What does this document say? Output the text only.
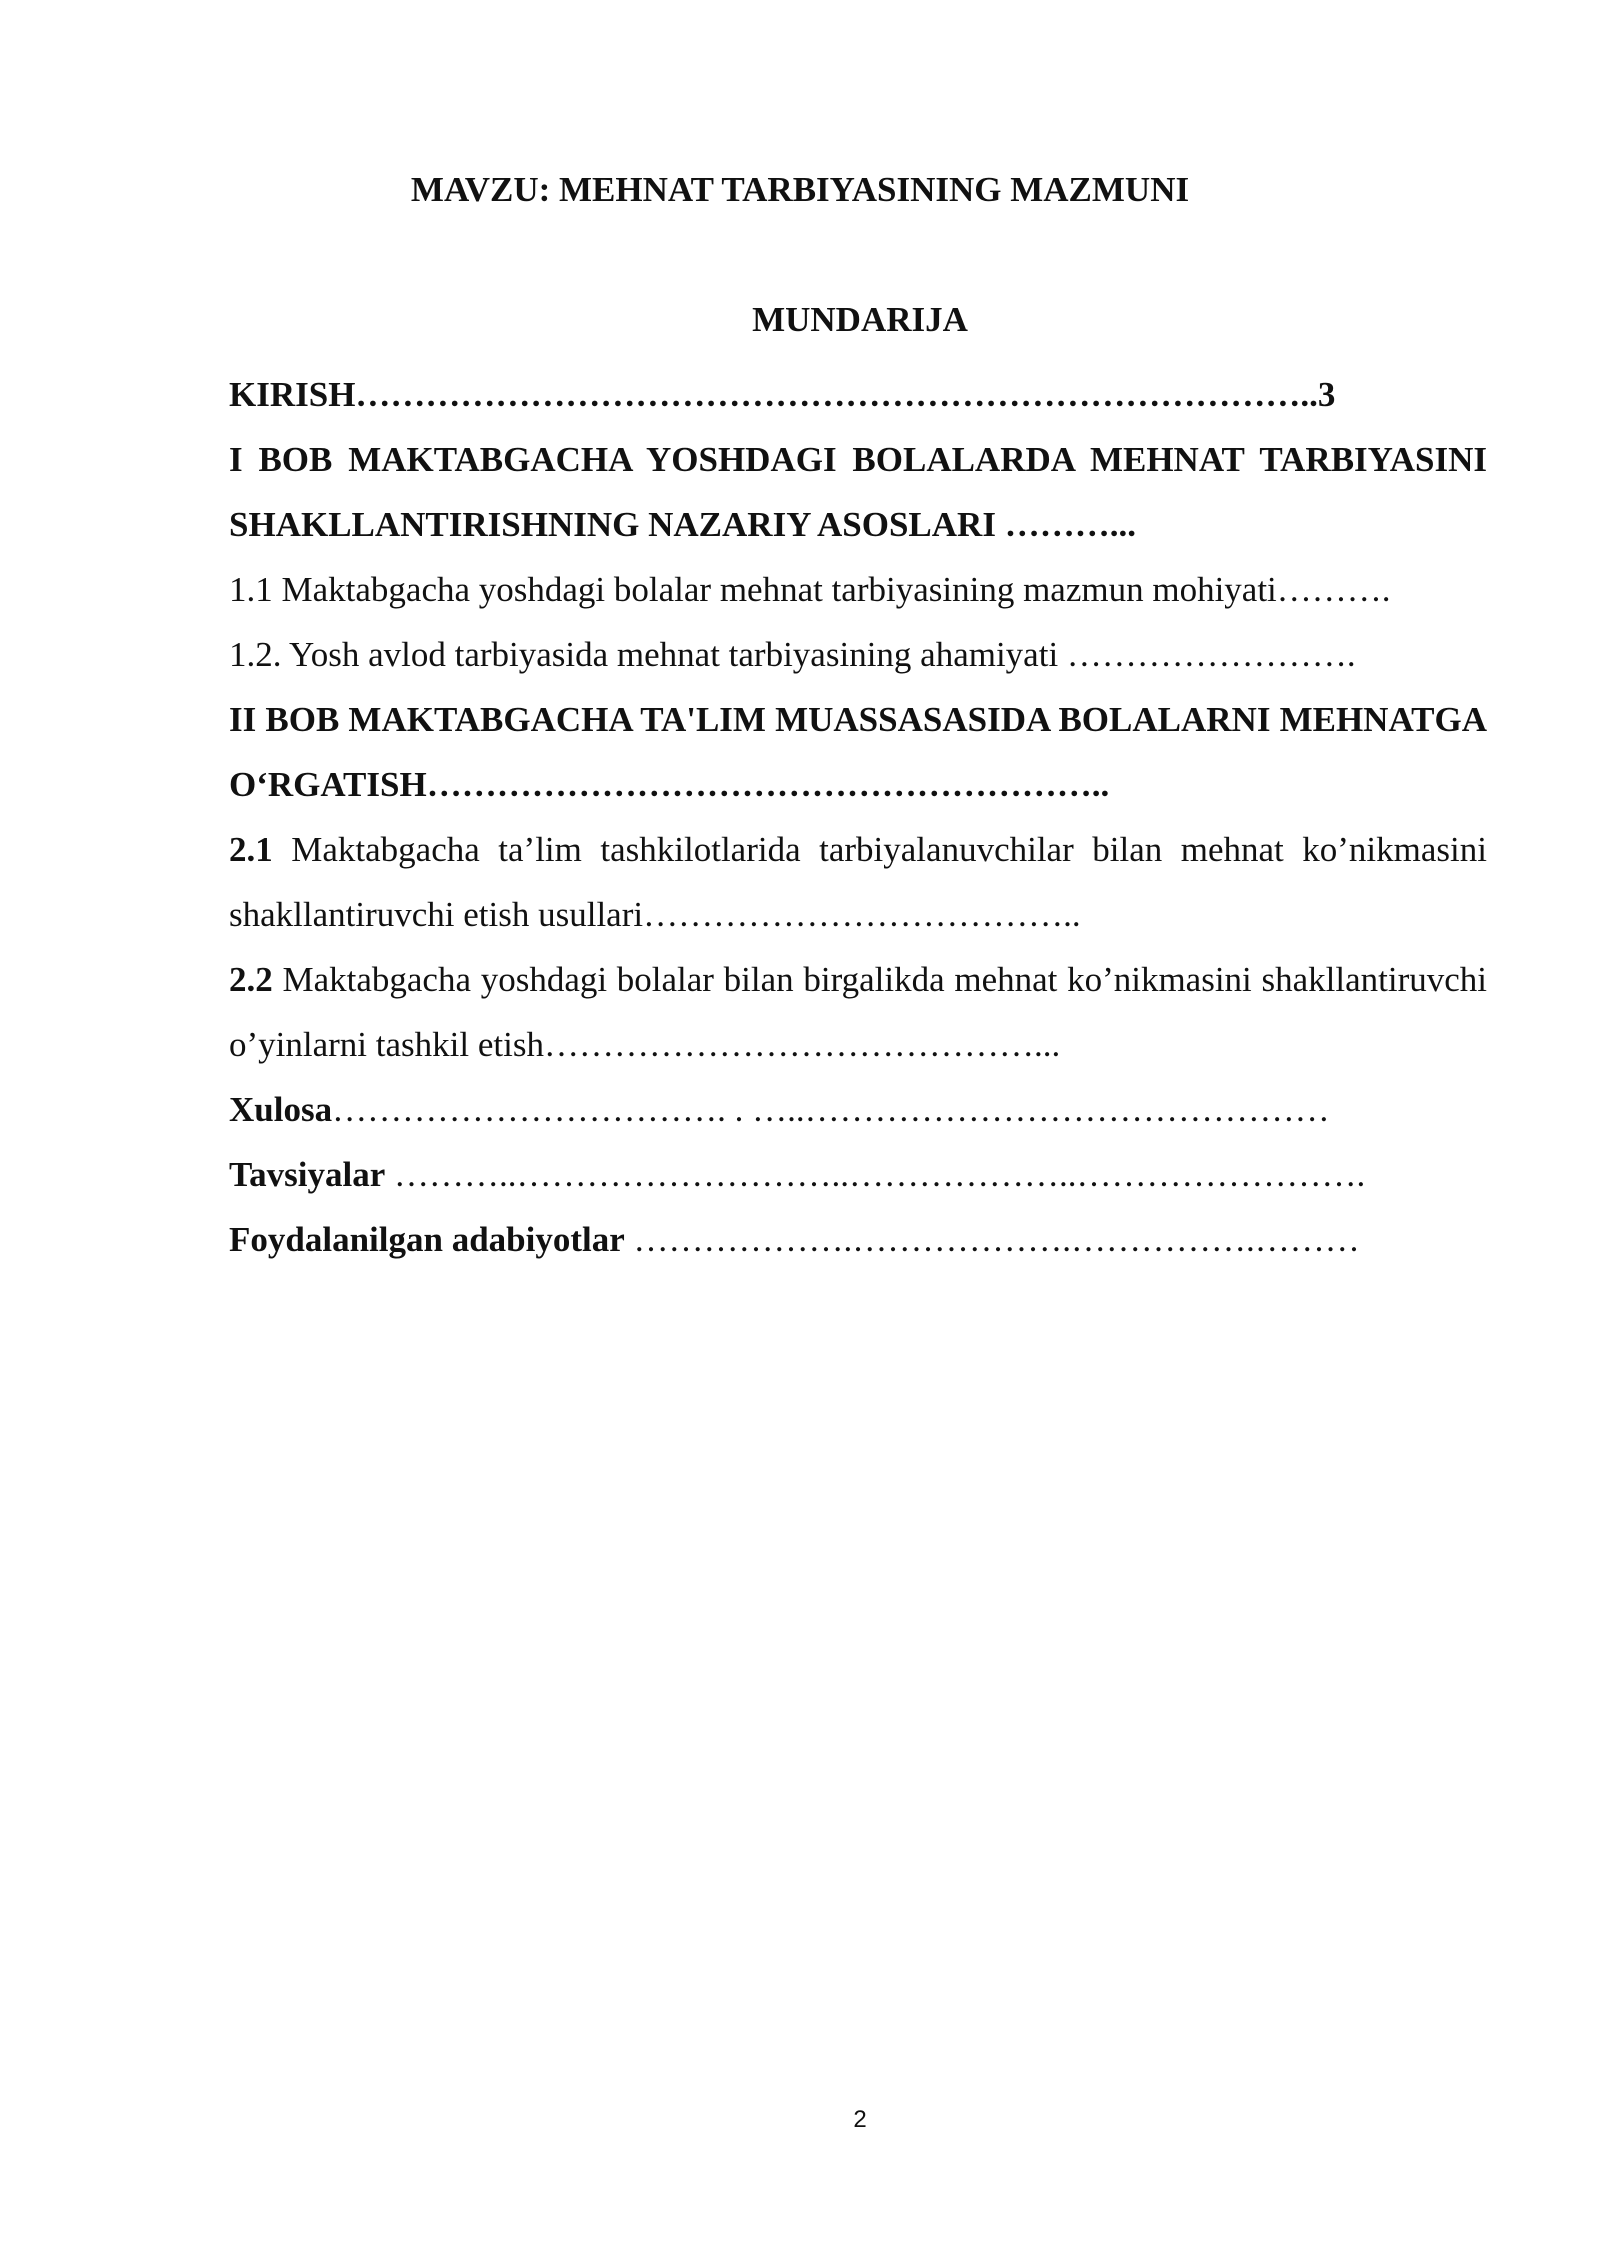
MAVZU: MEHNAT TARBIYASINING MAZMUNI

MUNDARIJA

KIRISH………………………………………………………………………..3

I BOB MAKTABGACHA YOSHDAGI BOLALARDA MEHNAT TARBIYASINI SHAKLLANTIRISHNING NAZARIY ASOSLARI ………...

1.1 Maktabgacha yoshdagi bolalar mehnat tarbiyasining mazmun mohiyati……….

1.2. Yosh avlod tarbiyasida mehnat tarbiyasining ahamiyati …………………….

II BOB MAKTABGACHA TA'LIM MUASSASASIDA BOLALARNI MEHNATGA O‘RGATISH…………………………………………………..

2.1 Maktabgacha ta’lim tashkilotlarida tarbiyalanuvchilar bilan mehnat ko’nikmasini shakllantiruvchi etish usullari………………………………..

2.2 Maktabgacha yoshdagi bolalar bilan birgalikda mehnat ko’nikmasini shakllantiruvchi o’yinlarni tashkil etish……………………………………...

Xulosa……………………………. . …..………………………………………

Tavsiyalar ………..………………………..………………..…………………….

Foydalanilgan adabiyotlar ……………….……………….…………….………

2
